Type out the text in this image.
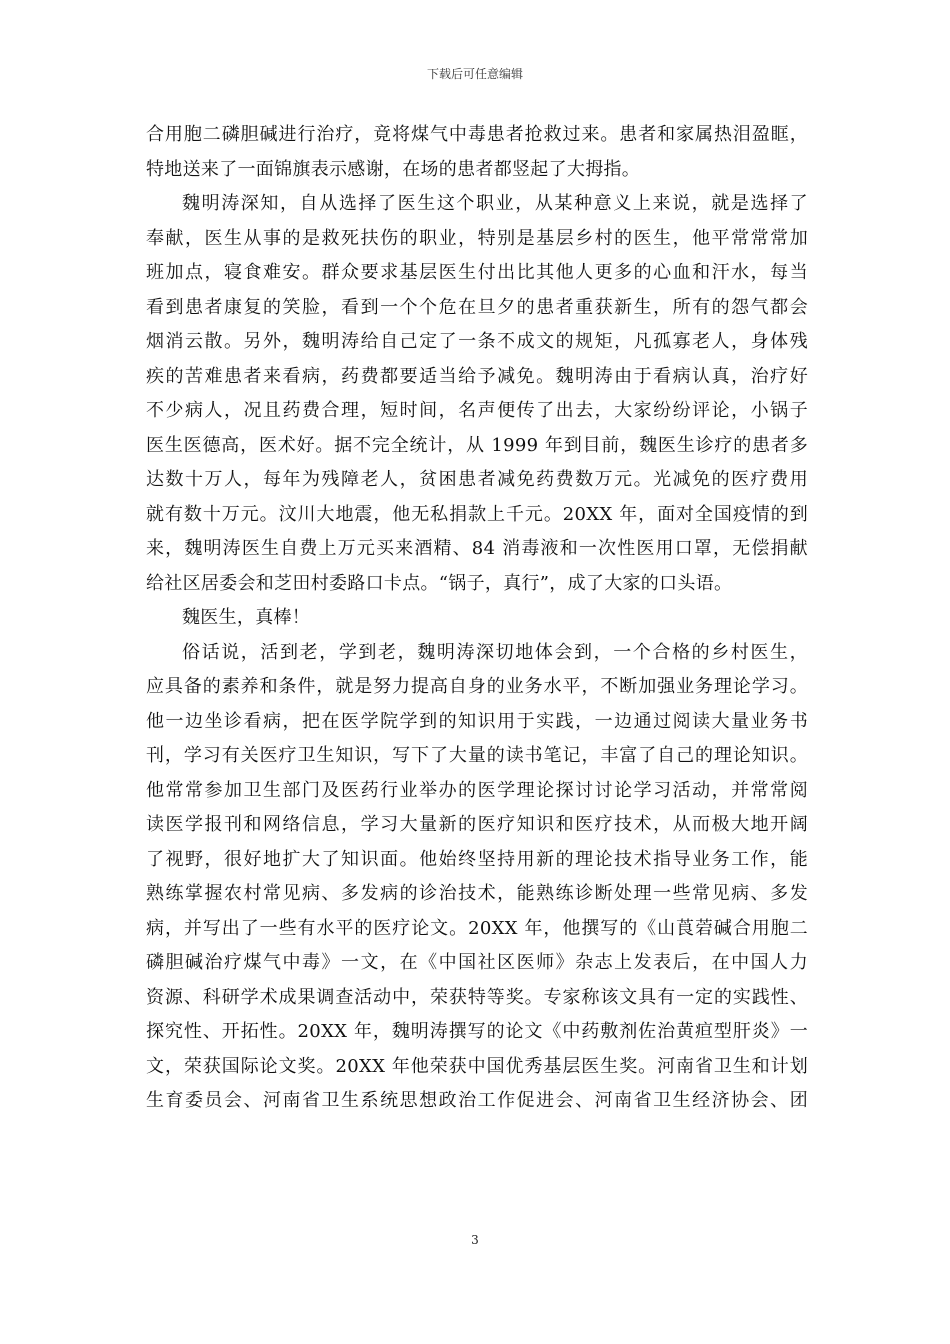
下载后可任意编辑
合用胞二磷胆碱进行治疗，竟将煤气中毒患者抢救过来。患者和家属热泪盈眶，
特地送来了一面锦旗表示感谢，在场的患者都竖起了大拇指。
魏明涛深知，自从选择了医生这个职业，从某种意义上来说，就是选择了
奉献，医生从事的是救死扶伤的职业，特别是基层乡村的医生，他平常常常加
班加点，寝食难安。群众要求基层医生付出比其他人更多的心血和汗水，每当
看到患者康复的笑脸，看到一个个危在旦夕的患者重获新生，所有的怨气都会
烟消云散。另外，魏明涛给自己定了一条不成文的规矩，凡孤寡老人，身体残
疾的苦难患者来看病，药费都要适当给予减免。魏明涛由于看病认真，治疗好
不少病人，况且药费合理，短时间，名声便传了出去，大家纷纷评论，小锅子
医生医德高，医术好。据不完全统计，从 1999 年到目前，魏医生诊疗的患者多
达数十万人，每年为残障老人，贫困患者减免药费数万元。光减免的医疗费用
就有数十万元。汶川大地震，他无私捐款上千元。20XX 年，面对全国疫情的到
来，魏明涛医生自费上万元买来酒精、84 消毒液和一次性医用口罩，无偿捐献
给社区居委会和芝田村委路口卡点。“锅子，真行”，成了大家的口头语。
魏医生，真棒！
俗话说，活到老，学到老，魏明涛深切地体会到，一个合格的乡村医生，
应具备的素养和条件，就是努力提高自身的业务水平，不断加强业务理论学习。
他一边坐诊看病，把在医学院学到的知识用于实践，一边通过阅读大量业务书
刊，学习有关医疗卫生知识，写下了大量的读书笔记，丰富了自己的理论知识。
他常常参加卫生部门及医药行业举办的医学理论探讨讨论学习活动，并常常阅
读医学报刊和网络信息，学习大量新的医疗知识和医疗技术，从而极大地开阔
了视野，很好地扩大了知识面。他始终坚持用新的理论技术指导业务工作，能
熟练掌握农村常见病、多发病的诊治技术，能熟练诊断处理一些常见病、多发
病，并写出了一些有水平的医疗论文。20XX 年，他撰写的《山莨菪碱合用胞二
磷胆碱治疗煤气中毒》一文，在《中国社区医师》杂志上发表后，在中国人力
资源、科研学术成果调查活动中，荣获特等奖。专家称该文具有一定的实践性、
探究性、开拓性。20XX 年，魏明涛撰写的论文《中药敷剂佐治黄疸型肝炎》一
文，荣获国际论文奖。20XX 年他荣获中国优秀基层医生奖。河南省卫生和计划
生育委员会、河南省卫生系统思想政治工作促进会、河南省卫生经济协会、团
3
